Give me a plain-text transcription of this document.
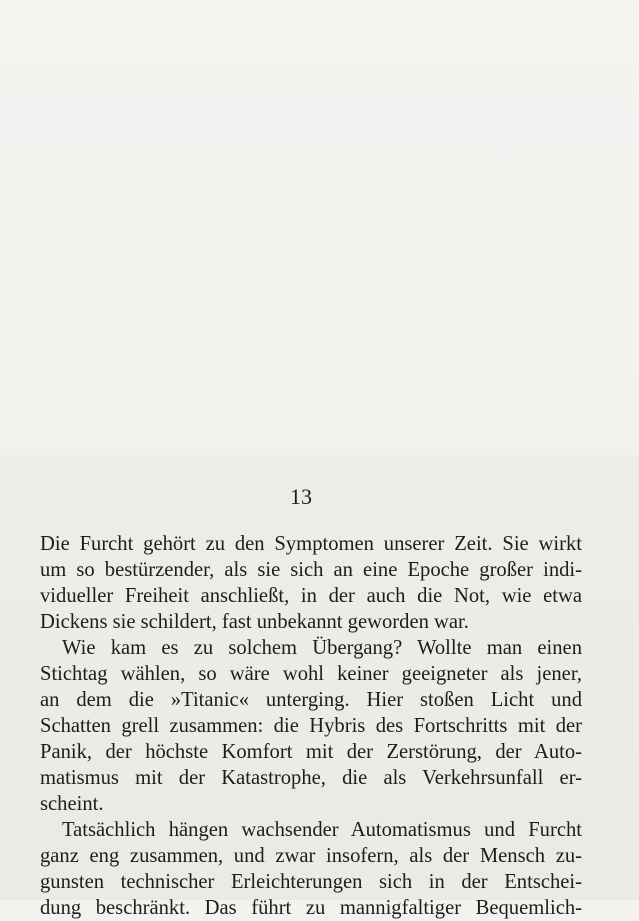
13
Die Furcht gehört zu den Symptomen unserer Zeit. Sie wirkt
um so bestürzender, als sie sich an eine Epoche großer indi-
vidueller Freiheit anschließt, in der auch die Not, wie etwa
Dickens sie schildert, fast unbekannt geworden war.
Wie kam es zu solchem Übergang? Wollte man einen
Stichtag wählen, so wäre wohl keiner geeigneter als jener,
an dem die »Titanic« unterging. Hier stoßen Licht und
Schatten grell zusammen: die Hybris des Fortschritts mit der
Panik, der höchste Komfort mit der Zerstörung, der Auto-
matismus mit der Katastrophe, die als Verkehrsunfall er-
scheint.
Tatsächlich hängen wachsender Automatismus und Furcht
ganz eng zusammen, und zwar insofern, als der Mensch zu-
gunsten technischer Erleichterungen sich in der Entschei-
dung beschränkt. Das führt zu mannigfaltiger Bequemlich-
